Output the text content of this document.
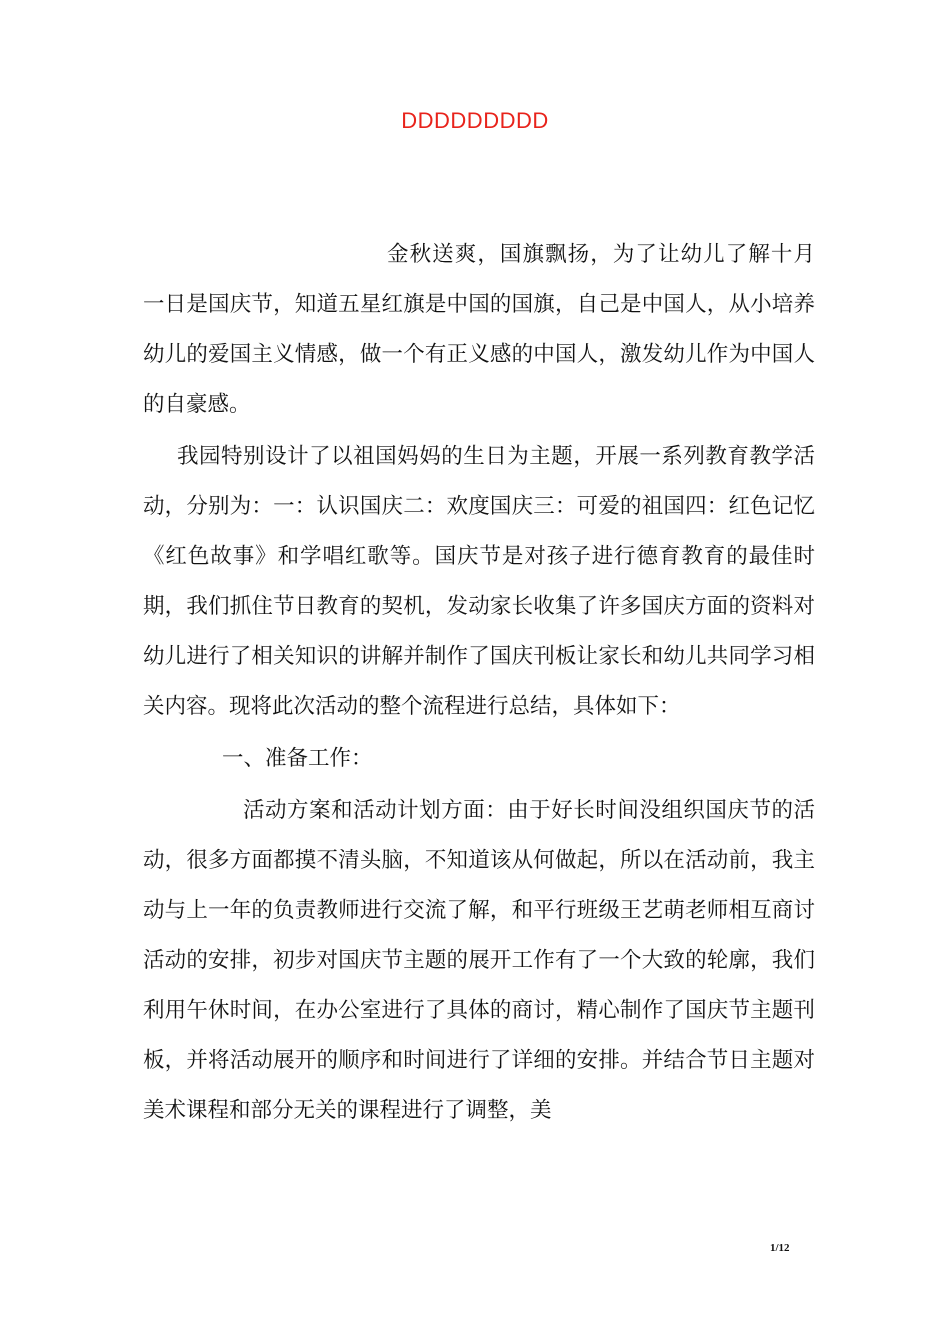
DDDDDDDDD

金秋送爽，国旗飘扬，为了让幼儿了解十月一日是国庆节，知道五星红旗是中国的国旗，自己是中国人，从小培养幼儿的爱国主义情感，做一个有正义感的中国人，激发幼儿作为中国人的自豪感。

我园特别设计了以祖国妈妈的生日为主题，开展一系列教育教学活动，分别为：一：认识国庆二：欢度国庆三：可爱的祖国四：红色记忆《红色故事》和学唱红歌等。国庆节是对孩子进行德育教育的最佳时期，我们抓住节日教育的契机，发动家长收集了许多国庆方面的资料对幼儿进行了相关知识的讲解并制作了国庆刊板让家长和幼儿共同学习相关内容。现将此次活动的整个流程进行总结，具体如下：

一、准备工作：

活动方案和活动计划方面：由于好长时间没组织国庆节的活动，很多方面都摸不清头脑，不知道该从何做起，所以在活动前，我主动与上一年的负责教师进行交流了解，和平行班级王艺萌老师相互商讨活动的安排，初步对国庆节主题的展开工作有了一个大致的轮廓，我们利用午休时间，在办公室进行了具体的商讨，精心制作了国庆节主题刊板，并将活动展开的顺序和时间进行了详细的安排。并结合节日主题对美术课程和部分无关的课程进行了调整，美

1/12
